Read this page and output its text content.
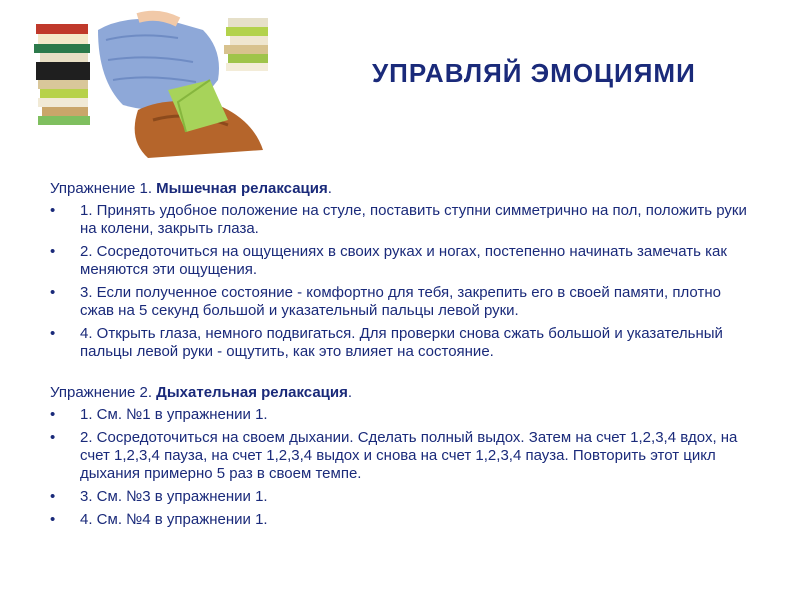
УПРАВЛЯЙ ЭМОЦИЯМИ
Упражнение 1. Мышечная релаксация.
• 1. Принять удобное положение на стуле, поставить ступни симметрично на пол, положить руки на колени, закрыть глаза.
• 2. Сосредоточиться на ощущениях в своих руках и ногах, постепенно начинать замечать как меняются эти ощущения.
• 3. Если полученное состояние - комфортно для тебя, закрепить его в своей памяти, плотно сжав на 5 секунд большой и указательный пальцы левой руки.
• 4. Открыть глаза, немного подвигаться. Для проверки снова сжать большой и указательный пальцы левой руки - ощутить, как это влияет на состояние.
Упражнение 2. Дыхательная релаксация.
• 1. См. №1 в упражнении 1.
• 2. Сосредоточиться на своем дыхании. Сделать полный выдох. Затем на счет 1,2,3,4 вдох, на счет 1,2,3,4 пауза, на счет 1,2,3,4 выдох и снова на счет 1,2,3,4 пауза. Повторить этот цикл дыхания примерно 5 раз в своем темпе.
• 3. См. №3 в упражнении 1.
• 4. См. №4 в упражнении 1.
